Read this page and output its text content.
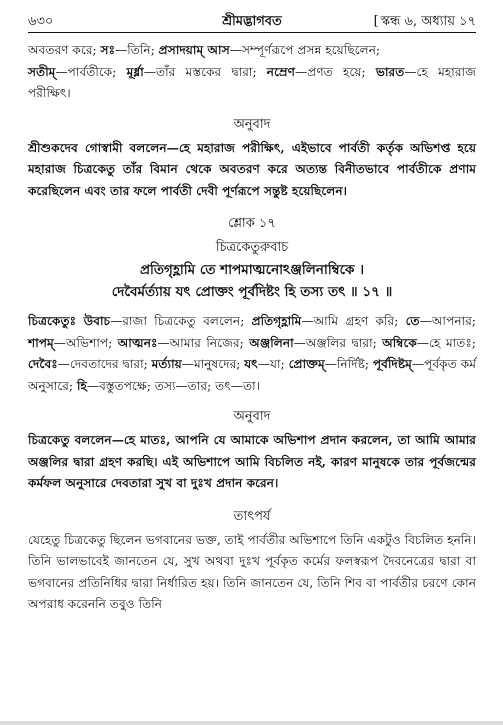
৬৩০	শ্রীমদ্ভাগবত	[ স্কন্ধ ৬, অধ্যায় ১৭

অবতরণ করে; সঃ—তিনি; প্রসাদয়াম্‌ আস—সম্পূর্ণরূপে প্রসন্ন হয়েছিলেন;
সতীম্‌—পার্বতীকে; মূর্ধ্না—তাঁর মস্তকের দ্বারা; নম্রেণ—প্রণত হয়ে; ভারত—হে মহারাজ পরীক্ষিৎ।

অনুবাদ

শ্রীশুকদেব গোস্বামী বললেন—হে মহারাজ পরীক্ষিৎ, এইভাবে পার্বতী কর্তৃক অভিশপ্ত হয়ে মহারাজ চিত্রকেতু তাঁর বিমান থেকে অবতরণ করে অত্যন্ত বিনীতভাবে পার্বতীকে প্রণাম করেছিলেন এবং তার ফলে পার্বতী দেবী পূর্ণরূপে সন্তুষ্ট হয়েছিলেন।

শ্লোক ১৭
চিত্রকেতুরুবাচ
প্রতিগৃহ্ণামি তে শাপমাত্মনোঽঞ্জলিনাম্বিকে ।
দেবৈর্মর্ত্যায় যৎ প্রোক্তং পূর্বদিষ্টং হি তস্য তৎ ॥ ১৭ ॥

চিত্রকেতুঃ উবাচ—রাজা চিত্রকেতু বললেন; প্রতিগৃহ্ণামি—আমি গ্রহণ করি; তে—আপনার; শাপম্‌—অভিশাপ; আত্মনঃ—আমার নিজের; অঞ্জলিনা—অঞ্জলির দ্বারা; অম্বিকে—হে মাতঃ; দেবৈঃ—দেবতাদের দ্বারা; মর্ত্যায়—মানুষদের; যৎ—যা; প্রোক্তম্‌—নির্দিষ্ট; পূর্বদিষ্টম্‌—পূর্বকৃত কর্ম অনুসারে; হি—বস্তুতপক্ষে; তস্য—তার; তৎ—তা।

অনুবাদ

চিত্রকেতু বললেন—হে মাতঃ, আপনি যে আমাকে অভিশাপ প্রদান করলেন, তা আমি আমার অঞ্জলির দ্বারা গ্রহণ করছি। এই অভিশাপে আমি বিচলিত নই, কারণ মানুষকে তার পূর্বজন্মের কর্মফল অনুসারে দেবতারা সুখ বা দুঃখ প্রদান করেন।

তাৎপর্য

যেহেতু চিত্রকেতু ছিলেন ভগবানের ভক্ত, তাই পার্বতীর অভিশাপে তিনি একটুও বিচলিত হননি। তিনি ভালভাবেই জানতেন যে, সুখ অথবা দুঃখ পূর্বকৃত কর্মের ফলস্বরূপ দৈবনেত্রের দ্বারা বা ভগবানের প্রতিনিধির দ্বারা নির্ধারিত হয়। তিনি জানতেন যে, তিনি শিব বা পার্বতীর চরণে কোন অপরাধ করেননি তবুও তিনি
